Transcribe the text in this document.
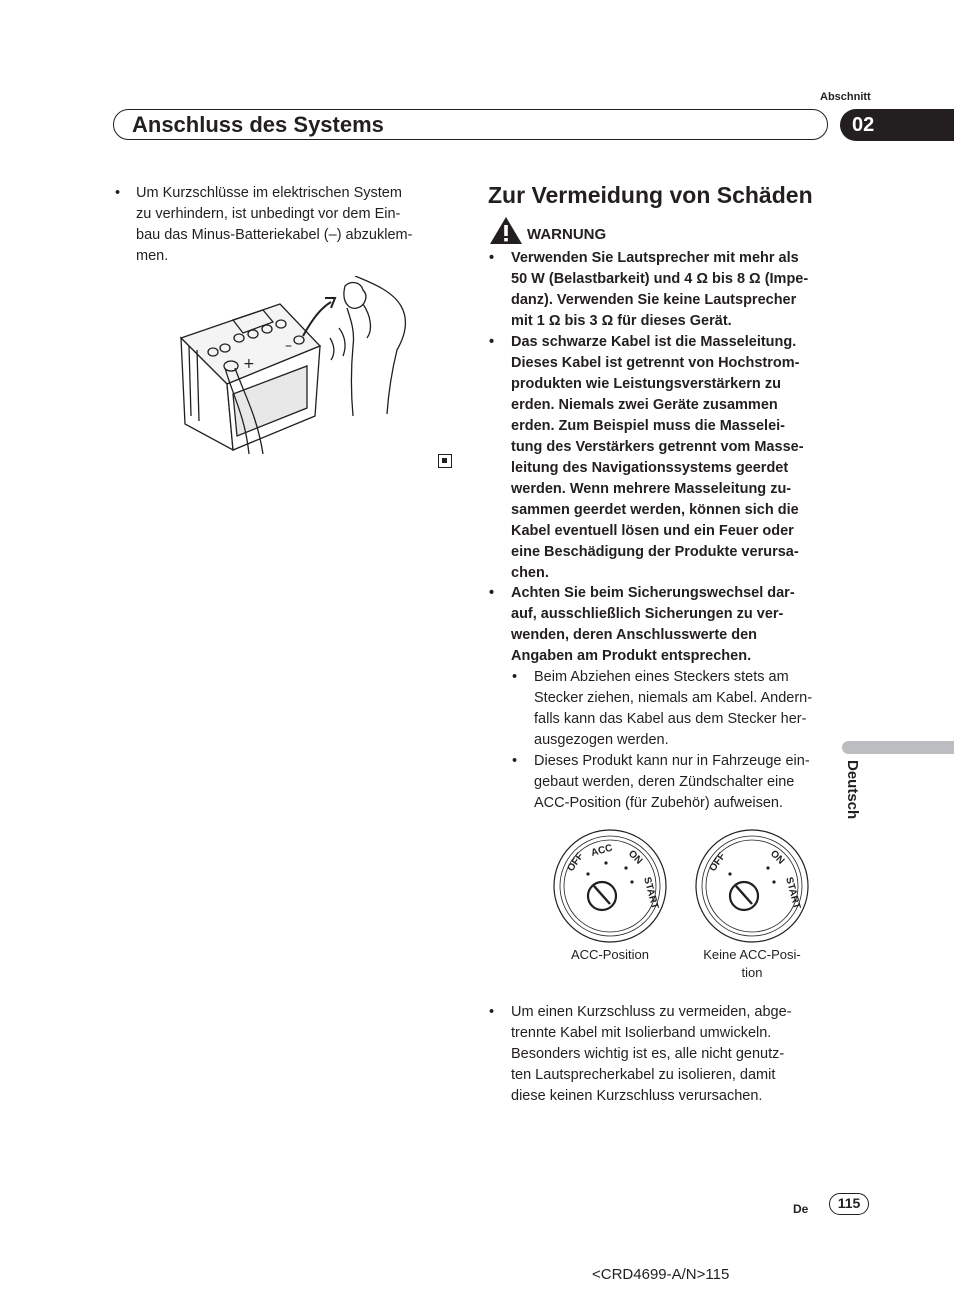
Abschnitt
Anschluss des Systems	02
• Um Kurzschlüsse im elektrischen System
zu verhindern, ist unbedingt vor dem Ein-
bau das Minus-Batteriekabel (–) abzuklem-
men.
+
–
Zur Vermeidung von Schäden
WARNUNG
• Verwenden Sie Lautsprecher mit mehr als
50 W (Belastbarkeit) und 4 Ω bis 8 Ω (Impe-
danz). Verwenden Sie keine Lautsprecher
mit 1 Ω bis 3 Ω für dieses Gerät.
• Das schwarze Kabel ist die Masseleitung.
Dieses Kabel ist getrennt von Hochstrom-
produkten wie Leistungsverstärkern zu
erden. Niemals zwei Geräte zusammen
erden. Zum Beispiel muss die Masselei-
tung des Verstärkers getrennt vom Masse-
leitung des Navigationssystems geerdet
werden. Wenn mehrere Masseleitung zu-
sammen geerdet werden, können sich die
Kabel eventuell lösen und ein Feuer oder
eine Beschädigung der Produkte verursa-
chen.
• Achten Sie beim Sicherungswechsel dar-
auf, ausschließlich Sicherungen zu ver-
wenden, deren Anschlusswerte den
Angaben am Produkt entsprechen.
• Beim Abziehen eines Steckers stets am
Stecker ziehen, niemals am Kabel. Andern-
falls kann das Kabel aus dem Stecker her-
ausgezogen werden.
• Dieses Produkt kann nur in Fahrzeuge ein-
gebaut werden, deren Zündschalter eine
ACC-Position (für Zubehör) aufweisen.
OFF
ACC ON
START
OFF	ON
START
ACC-Position	Keine ACC-Posi-
tion
• Um einen Kurzschluss zu vermeiden, abge-
trennte Kabel mit Isolierband umwickeln.
Besonders wichtig ist es, alle nicht genutz-
ten Lautsprecherkabel zu isolieren, damit
diese keinen Kurzschluss verursachen.
Deutsch
De	115
<CRD4699-A/N>115
